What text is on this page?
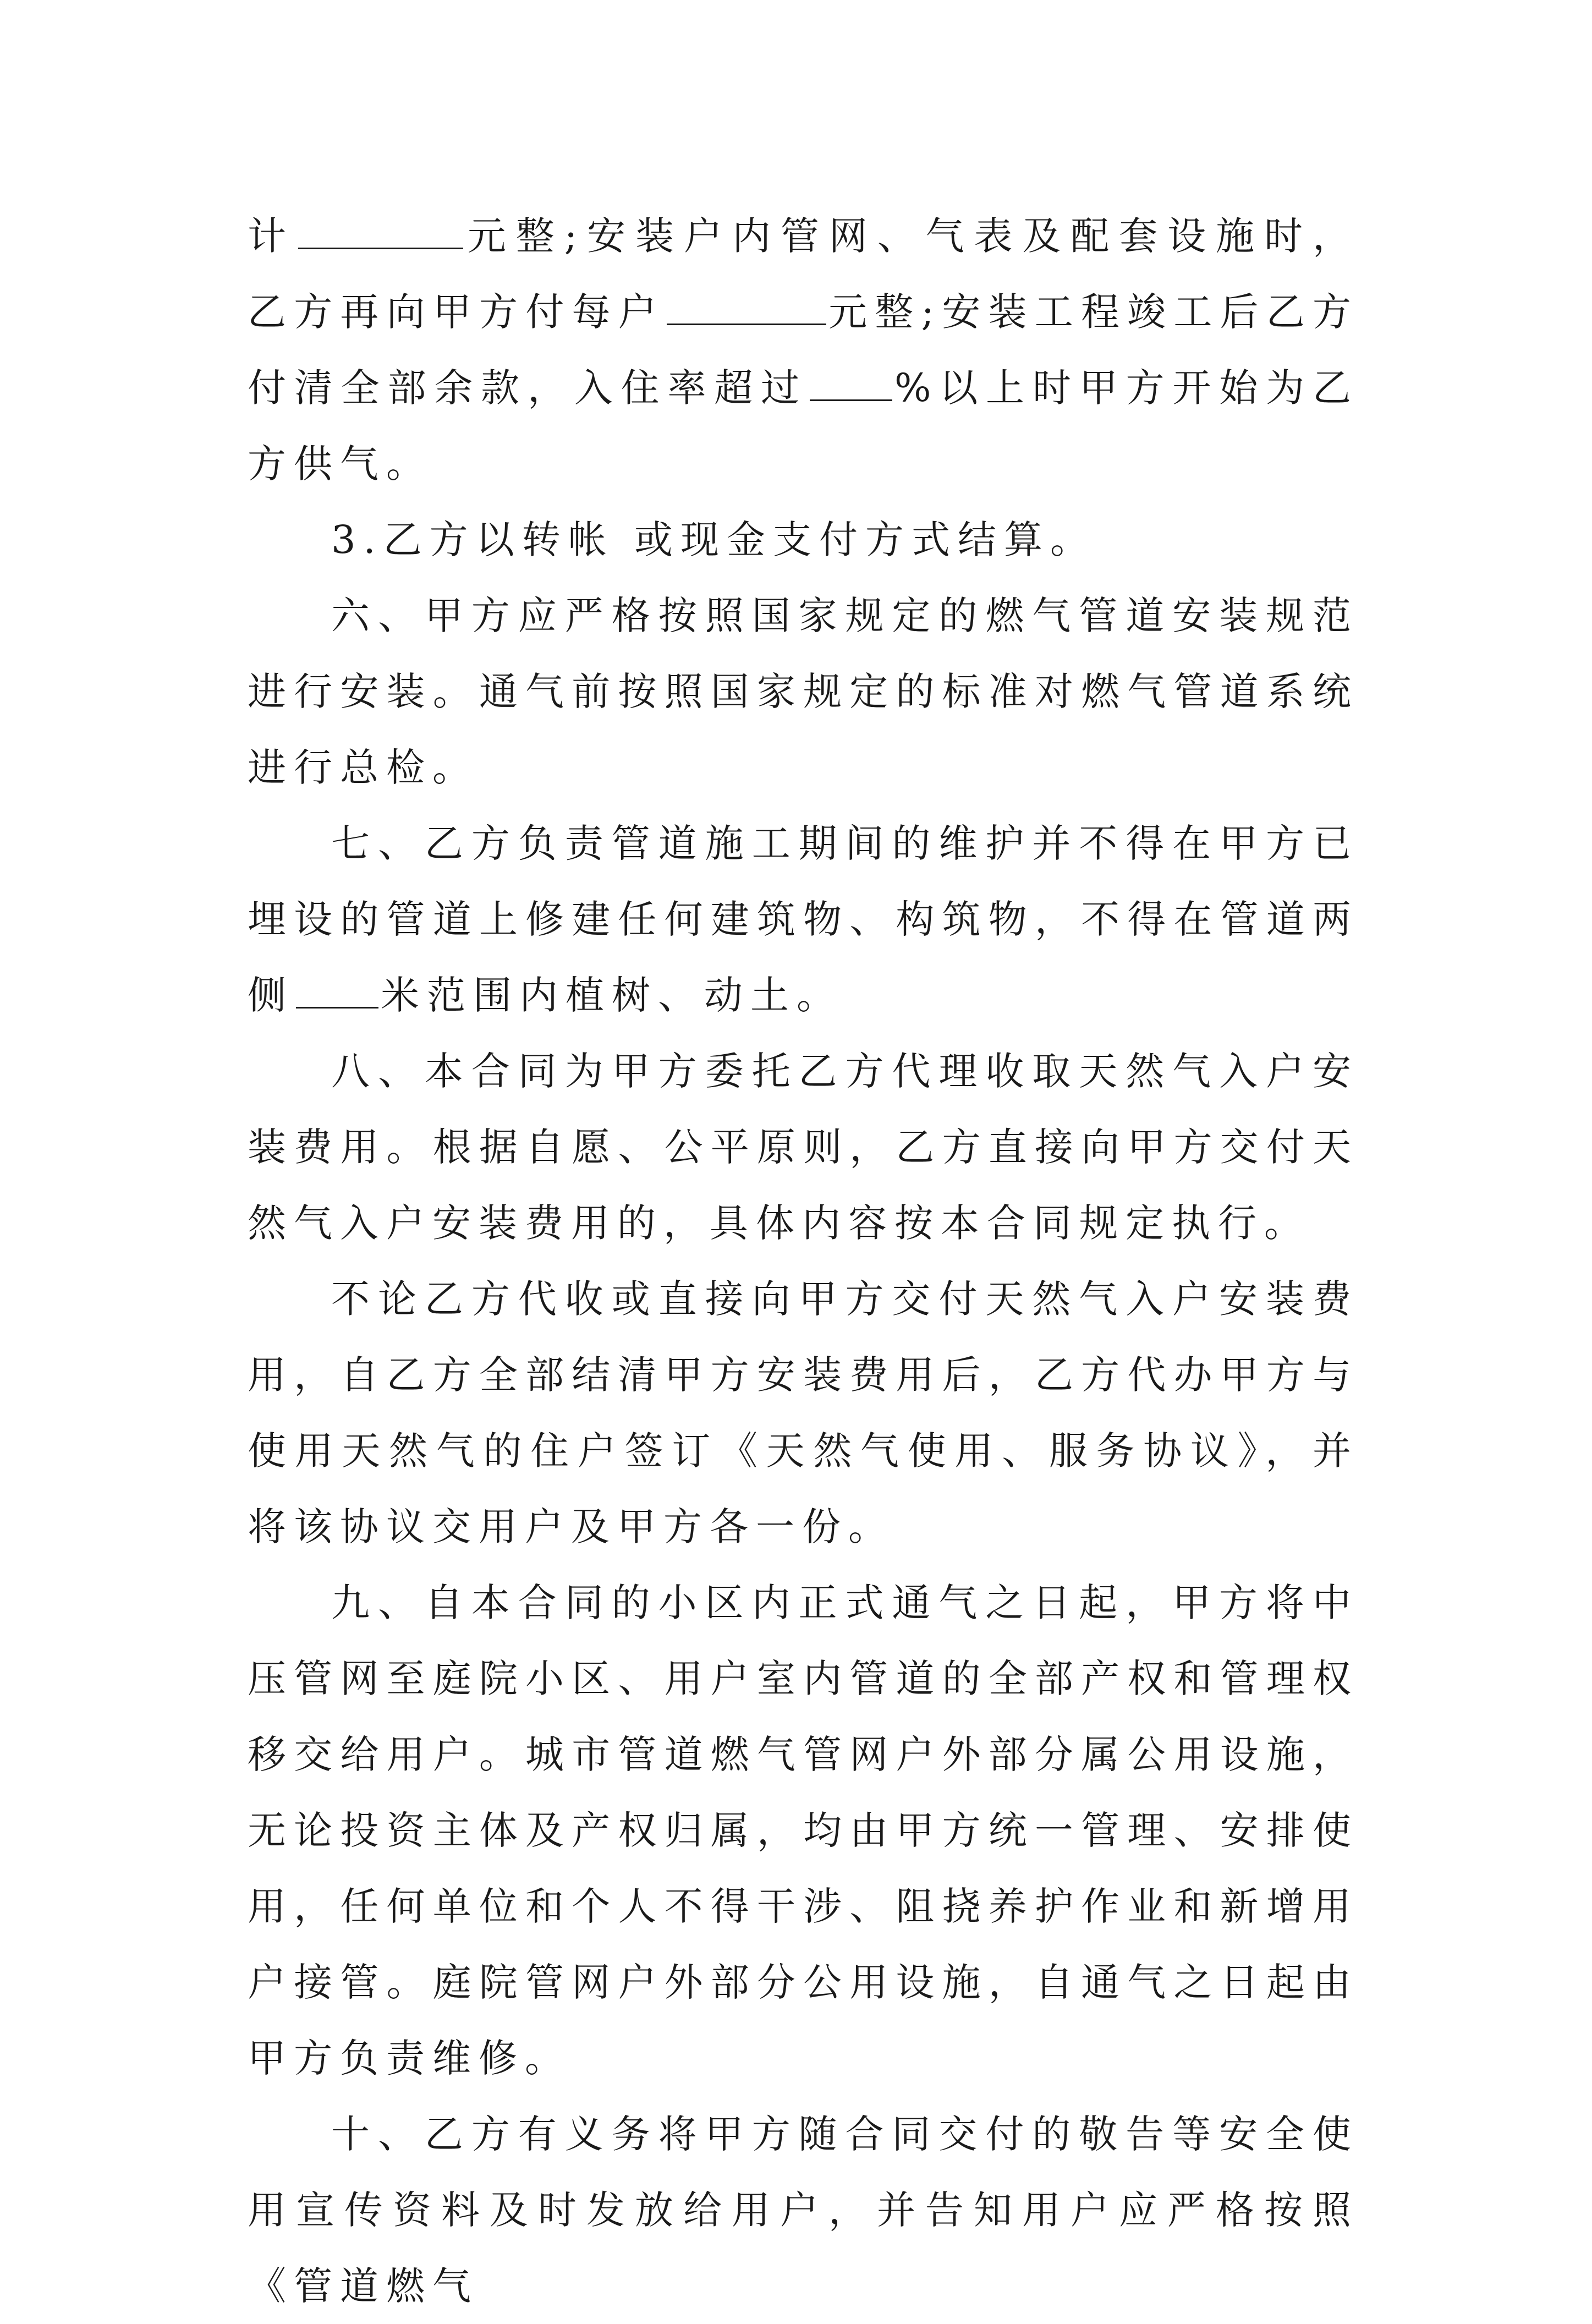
计	元整;安装户内管网、气表及配套设施时，乙方再向甲方付每户	元整;安装工程竣工后乙方付清全部余款，入住率超过 %以上时甲方开始为乙方供气。

3.乙方以转帐 或现金支付方式结算。

六、甲方应严格按照国家规定的燃气管道安装规范进行安装。通气前按照国家规定的标准对燃气管道系统进行总检。

七、乙方负责管道施工期间的维护并不得在甲方已埋设的管道上修建任何建筑物、构筑物，不得在管道两侧 米范围内植树、动土。

八、本合同为甲方委托乙方代理收取天然气入户安装费用。根据自愿、公平原则，乙方直接向甲方交付天然气入户安装费用的，具体内容按本合同规定执行。

不论乙方代收或直接向甲方交付天然气入户安装费用，自乙方全部结清甲方安装费用后，乙方代办甲方与使用天然气的住户签订《天然气使用、服务协议》，并将该协议交用户及甲方各一份。

九、自本合同的小区内正式通气之日起，甲方将中压管网至庭院小区、用户室内管道的全部产权和管理权移交给用户。城市管道燃气管网户外部分属公用设施，无论投资主体及产权归属，均由甲方统一管理、安排使用，任何单位和个人不得干涉、阻挠养护作业和新增用户接管。庭院管网户外部分公用设施，自通气之日起由甲方负责维修。

十、乙方有义务将甲方随合同交付的敬告等安全使用宣传资料及时发放给用户，并告知用户应严格按照《管道燃气
